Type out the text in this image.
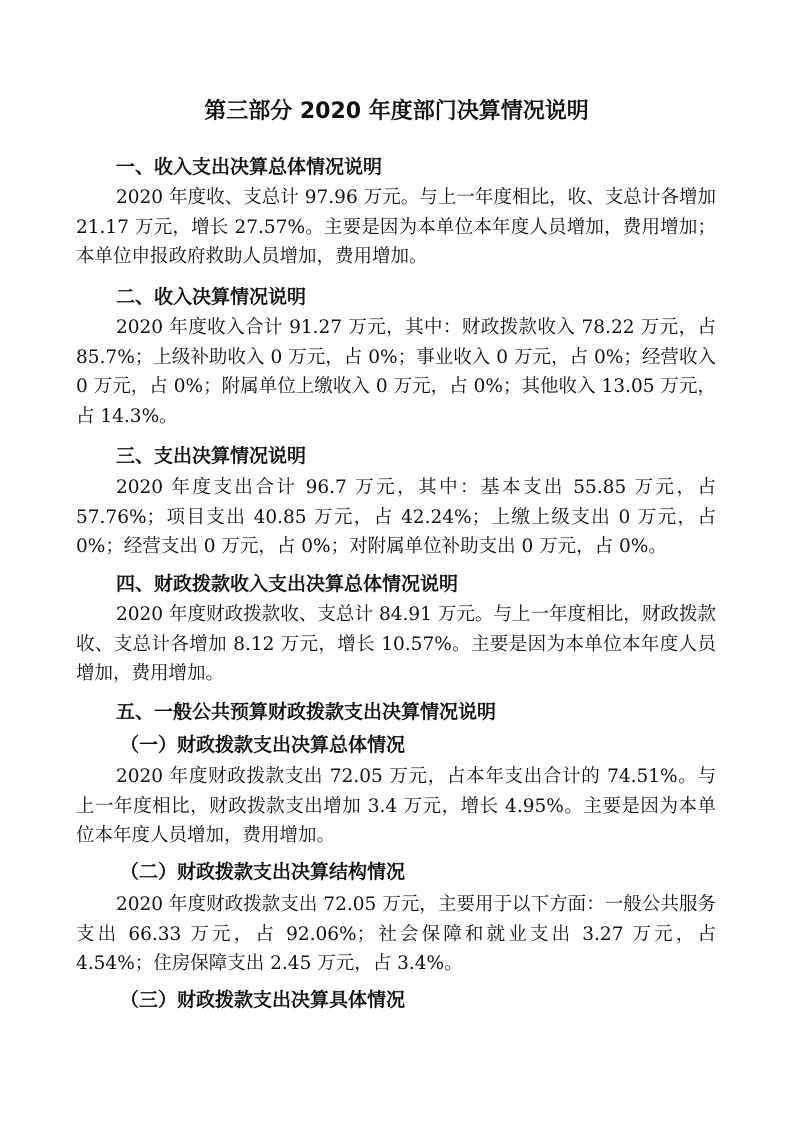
第三部分 2020 年度部门决算情况说明
一、收入支出决算总体情况说明

2020 年度收、支总计 97.96 万元。与上一年度相比，收、支总计各增加 21.17 万元，增长 27.57%。主要是因为本单位本年度人员增加，费用增加；本单位申报政府救助人员增加，费用增加。

二、收入决算情况说明

2020 年度收入合计 91.27 万元，其中：财政拨款收入 78.22 万元，占 85.7%；上级补助收入 0 万元，占 0%；事业收入 0 万元，占 0%；经营收入 0 万元，占 0%；附属单位上缴收入 0 万元，占 0%；其他收入 13.05 万元，占 14.3%。

三、支出决算情况说明

2020 年度支出合计 96.7 万元，其中：基本支出 55.85 万元，占 57.76%；项目支出 40.85 万元，占 42.24%；上缴上级支出 0 万元，占 0%；经营支出 0 万元，占 0%；对附属单位补助支出 0 万元，占 0%。

四、财政拨款收入支出决算总体情况说明

2020 年度财政拨款收、支总计 84.91 万元。与上一年度相比，财政拨款收、支总计各增加 8.12 万元，增长 10.57%。主要是因为本单位本年度人员增加，费用增加。

五、一般公共预算财政拨款支出决算情况说明
（一）财政拨款支出决算总体情况

2020 年度财政拨款支出 72.05 万元，占本年支出合计的 74.51%。与上一年度相比，财政拨款支出增加 3.4 万元，增长 4.95%。主要是因为本单位本年度人员增加，费用增加。

（二）财政拨款支出决算结构情况

2020 年度财政拨款支出 72.05 万元，主要用于以下方面：一般公共服务支出 66.33 万元，占 92.06%；社会保障和就业支出 3.27 万元，占 4.54%；住房保障支出 2.45 万元，占 3.4%。

（三）财政拨款支出决算具体情况
